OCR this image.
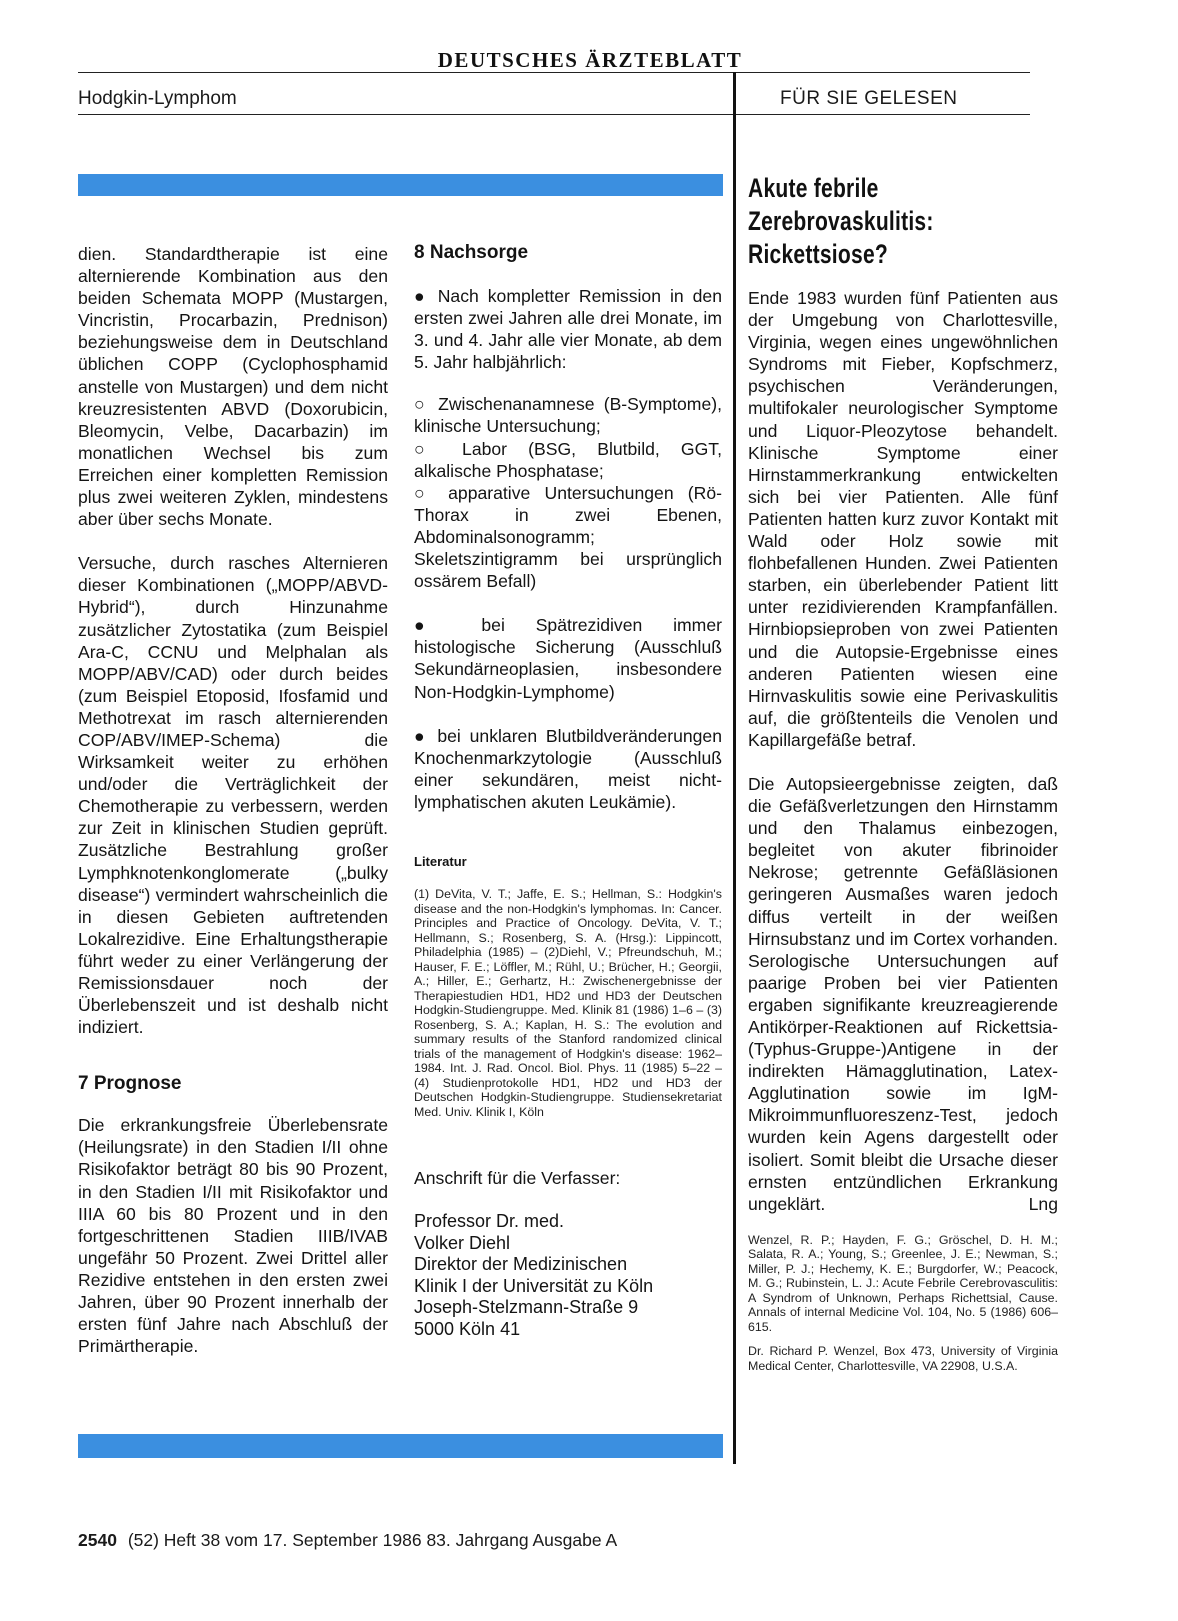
DEUTSCHES ÄRZTEBLATT
Hodgkin-Lymphom	FÜR SIE GELESEN

dien. Standardtherapie ist eine alternierende Kombination aus den beiden Schemata MOPP (Mustargen, Vincristin, Procarbazin, Prednison) beziehungsweise dem in Deutschland üblichen COPP (Cyclophosphamid anstelle von Mustargen) und dem nicht kreuzresistenten ABVD (Doxorubicin, Bleomycin, Velbe, Dacarbazin) im monatlichen Wechsel bis zum Erreichen einer kompletten Remission plus zwei weiteren Zyklen, mindestens aber über sechs Monate.

Versuche, durch rasches Alternieren dieser Kombinationen („MOPP/ABVD-Hybrid“), durch Hinzunahme zusätzlicher Zytostatika (zum Beispiel Ara-C, CCNU und Melphalan als MOPP/ABV/CAD) oder durch beides (zum Beispiel Etoposid, Ifosfamid und Methotrexat im rasch alternierenden COP/ABV/IMEP-Schema) die Wirksamkeit weiter zu erhöhen und/oder die Verträglichkeit der Chemotherapie zu verbessern, werden zur Zeit in klinischen Studien geprüft. Zusätzliche Bestrahlung großer Lymphknotenkonglomerate („bulky disease“) vermindert wahrscheinlich die in diesen Gebieten auftretenden Lokalrezidive. Eine Erhaltungstherapie führt weder zu einer Verlängerung der Remissionsdauer noch der Überlebenszeit und ist deshalb nicht indiziert.

7 Prognose

Die erkrankungsfreie Überlebensrate (Heilungsrate) in den Stadien I/II ohne Risikofaktor beträgt 80 bis 90 Prozent, in den Stadien I/II mit Risikofaktor und IIIA 60 bis 80 Prozent und in den fortgeschrittenen Stadien IIIB/IVAB ungefähr 50 Prozent. Zwei Drittel aller Rezidive entstehen in den ersten zwei Jahren, über 90 Prozent innerhalb der ersten fünf Jahre nach Abschluß der Primärtherapie.

8 Nachsorge

● Nach kompletter Remission in den ersten zwei Jahren alle drei Monate, im 3. und 4. Jahr alle vier Monate, ab dem 5. Jahr halbjährlich:

○ Zwischenanamnese (B-Symptome), klinische Untersuchung;

○ Labor (BSG, Blutbild, GGT, alkalische Phosphatase;

○ apparative Untersuchungen (Rö-Thorax in zwei Ebenen, Abdominalsonogramm; Skeletszintigramm bei ursprünglich ossärem Befall)

● bei Spätrezidiven immer histologische Sicherung (Ausschluß Sekundärneoplasien, insbesondere Non-Hodgkin-Lymphome)

● bei unklaren Blutbildveränderungen Knochenmarkzytologie (Ausschluß einer sekundären, meist nicht-lymphatischen akuten Leukämie).

Literatur
(1) DeVita, V. T.; Jaffe, E. S.; Hellman, S.: Hodgkin's disease and the non-Hodgkin's lymphomas. In: Cancer. Principles and Practice of Oncology. DeVita, V. T.; Hellmann, S.; Rosenberg, S. A. (Hrsg.): Lippincott, Philadelphia (1985) – (2)Diehl, V.; Pfreundschuh, M.; Hauser, F. E.; Löffler, M.; Rühl, U.; Brücher, H.; Georgii, A.; Hiller, E.; Gerhartz, H.: Zwischenergebnisse der Therapiestudien HD1, HD2 und HD3 der Deutschen Hodgkin-Studiengruppe. Med. Klinik 81 (1986) 1–6 – (3) Rosenberg, S. A.; Kaplan, H. S.: The evolution and summary results of the Stanford randomized clinical trials of the management of Hodgkin's disease: 1962–1984. Int. J. Rad. Oncol. Biol. Phys. 11 (1985) 5–22 – (4) Studienprotokolle HD1, HD2 und HD3 der Deutschen Hodgkin-Studiengruppe. Studiensekretariat Med. Univ. Klinik I, Köln
Anschrift für die Verfasser:
Professor Dr. med.
Volker Diehl
Direktor der Medizinischen
Klinik I der Universität zu Köln
Joseph-Stelzmann-Straße 9
5000 Köln 41
Akute febrile
Zerebrovaskulitis:
Rickettsiose?

Ende 1983 wurden fünf Patienten aus der Umgebung von Charlottesville, Virginia, wegen eines ungewöhnlichen Syndroms mit Fieber, Kopfschmerz, psychischen Veränderungen, multifokaler neurologischer Symptome und Liquor-Pleozytose behandelt. Klinische Symptome einer Hirnstammerkrankung entwickelten sich bei vier Patienten. Alle fünf Patienten hatten kurz zuvor Kontakt mit Wald oder Holz sowie mit flohbefallenen Hunden. Zwei Patienten starben, ein überlebender Patient litt unter rezidivierenden Krampfanfällen. Hirnbiopsieproben von zwei Patienten und die Autopsie-Ergebnisse eines anderen Patienten wiesen eine Hirnvaskulitis sowie eine Perivaskulitis auf, die größtenteils die Venolen und Kapillargefäße betraf.

Die Autopsieergebnisse zeigten, daß die Gefäßverletzungen den Hirnstamm und den Thalamus einbezogen, begleitet von akuter fibrinoider Nekrose; getrennte Gefäßläsionen geringeren Ausmaßes waren jedoch diffus verteilt in der weißen Hirnsubstanz und im Cortex vorhanden. Serologische Untersuchungen auf paarige Proben bei vier Patienten ergaben signifikante kreuzreagierende Antikörper-Reaktionen auf Rickettsia-(Typhus-Gruppe-)Antigene in der indirekten Hämagglutination, Latex-Agglutination sowie im IgM-Mikroimmunfluoreszenz-Test, jedoch wurden kein Agens dargestellt oder isoliert. Somit bleibt die Ursache dieser ernsten entzündlichen Erkrankung ungeklärt.	Lng

Wenzel, R. P.; Hayden, F. G.; Gröschel, D. H. M.; Salata, R. A.; Young, S.; Greenlee, J. E.; Newman, S.; Miller, P. J.; Hechemy, K. E.; Burgdorfer, W.; Peacock, M. G.; Rubinstein, L. J.: Acute Febrile Cerebrovasculitis: A Syndrom of Unknown, Perhaps Richettsial, Cause. Annals of internal Medicine Vol. 104, No. 5 (1986) 606–615.
Dr. Richard P. Wenzel, Box 473, University of Virginia Medical Center, Charlottesville, VA 22908, U.S.A.
2540 (52) Heft 38 vom 17. September 1986 83. Jahrgang Ausgabe A
